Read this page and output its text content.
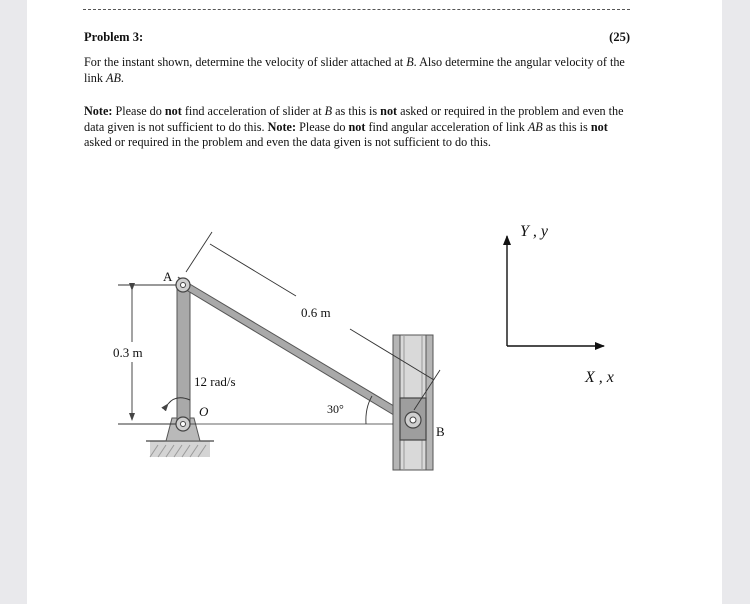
Problem 3:	(25)
For the instant shown, determine the velocity of slider attached at B. Also determine the angular velocity of the link AB.
Note: Please do not find acceleration of slider at B as this is not asked or required in the problem and even the data given is not sufficient to do this. Note: Please do not find angular acceleration of link AB as this is not asked or required in the problem and even the data given is not sufficient to do this.
0.3 m
0.6 m
12 rad/s
30°
A
O
B
Y , y
X , x
